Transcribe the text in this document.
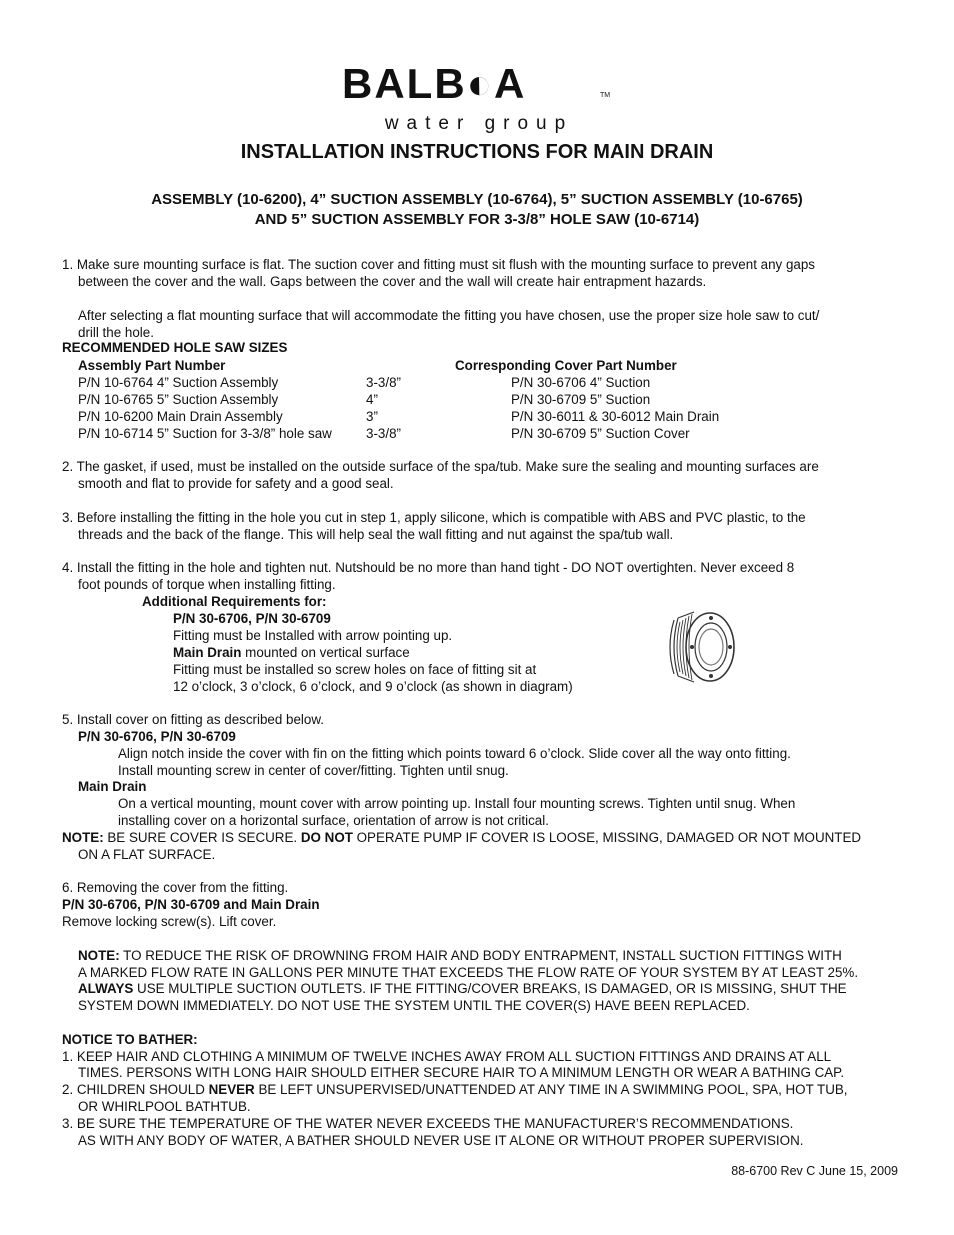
BALB◐A	TM
water group
INSTALLATION INSTRUCTIONS FOR MAIN DRAIN
ASSEMBLY (10-6200), 4” SUCTION ASSEMBLY (10-6764), 5” SUCTION ASSEMBLY (10-6765)
AND 5” SUCTION ASSEMBLY FOR 3-3/8” HOLE SAW (10-6714)

1. Make sure mounting surface is flat. The suction cover and fitting must sit flush with the mounting surface to prevent any gaps

between the cover and the wall. Gaps between the cover and the wall will create hair entrapment hazards.

After selecting a flat mounting surface that will accommodate the fitting you have chosen, use the proper size hole saw to cut/

drill the hole.

RECOMMENDED HOLE SAW SIZES

Assembly Part Number	Corresponding Cover Part Number

P/N 10-6764 4” Suction Assembly	3-3/8”	P/N 30-6706 4” Suction

P/N 10-6765 5” Suction Assembly	4”	P/N 30-6709 5” Suction

P/N 10-6200 Main Drain Assembly	3”	P/N 30-6011 & 30-6012 Main Drain

P/N 10-6714 5” Suction for 3-3/8” hole saw	3-3/8”	P/N 30-6709 5” Suction Cover

2. The gasket, if used, must be installed on the outside surface of the spa/tub. Make sure the sealing and mounting surfaces are

smooth and flat to provide for safety and a good seal.

3. Before installing the fitting in the hole you cut in step 1, apply silicone, which is compatible with ABS and PVC plastic, to the

threads and the back of the flange. This will help seal the wall fitting and nut against the spa/tub wall.

4. Install the fitting in the hole and tighten nut. Nutshould be no more than hand tight - DO NOT overtighten. Never exceed 8

foot pounds of torque when installing fitting.

Additional Requirements for:

P/N 30-6706, P/N 30-6709

Fitting must be Installed with arrow pointing up.

Main Drain mounted on vertical surface

Fitting must be installed so screw holes on face of fitting sit at

12 o’clock, 3 o’clock, 6 o’clock, and 9 o’clock (as shown in diagram)

5. Install cover on fitting as described below.

P/N 30-6706, P/N 30-6709

Align notch inside the cover with fin on the fitting which points toward 6 o’clock. Slide cover all the way onto fitting.

Install mounting screw in center of cover/fitting. Tighten until snug.

Main Drain

On a vertical mounting, mount cover with arrow pointing up. Install four mounting screws. Tighten until snug. When

installing cover on a horizontal surface, orientation of arrow is not critical.

NOTE: BE SURE COVER IS SECURE. DO NOT OPERATE PUMP IF COVER IS LOOSE, MISSING, DAMAGED OR NOT MOUNTED

ON A FLAT SURFACE.

6. Removing the cover from the fitting.

P/N 30-6706, P/N 30-6709 and Main Drain

Remove locking screw(s). Lift cover.

NOTE: TO REDUCE THE RISK OF DROWNING FROM HAIR AND BODY ENTRAPMENT, INSTALL SUCTION FITTINGS WITH

A MARKED FLOW RATE IN GALLONS PER MINUTE THAT EXCEEDS THE FLOW RATE OF YOUR SYSTEM BY AT LEAST 25%.

ALWAYS USE MULTIPLE SUCTION OUTLETS. IF THE FITTING/COVER BREAKS, IS DAMAGED, OR IS MISSING, SHUT THE

SYSTEM DOWN IMMEDIATELY. DO NOT USE THE SYSTEM UNTIL THE COVER(S) HAVE BEEN REPLACED.

NOTICE TO BATHER:

1. KEEP HAIR AND CLOTHING A MINIMUM OF TWELVE INCHES AWAY FROM ALL SUCTION FITTINGS AND DRAINS AT ALL

TIMES. PERSONS WITH LONG HAIR SHOULD EITHER SECURE HAIR TO A MINIMUM LENGTH OR WEAR A BATHING CAP.

2. CHILDREN SHOULD NEVER BE LEFT UNSUPERVISED/UNATTENDED AT ANY TIME IN A SWIMMING POOL, SPA, HOT TUB,

OR WHIRLPOOL BATHTUB.

3. BE SURE THE TEMPERATURE OF THE WATER NEVER EXCEEDS THE MANUFACTURER’S RECOMMENDATIONS.

AS WITH ANY BODY OF WATER, A BATHER SHOULD NEVER USE IT ALONE OR WITHOUT PROPER SUPERVISION.

88-6700 Rev C June 15, 2009
